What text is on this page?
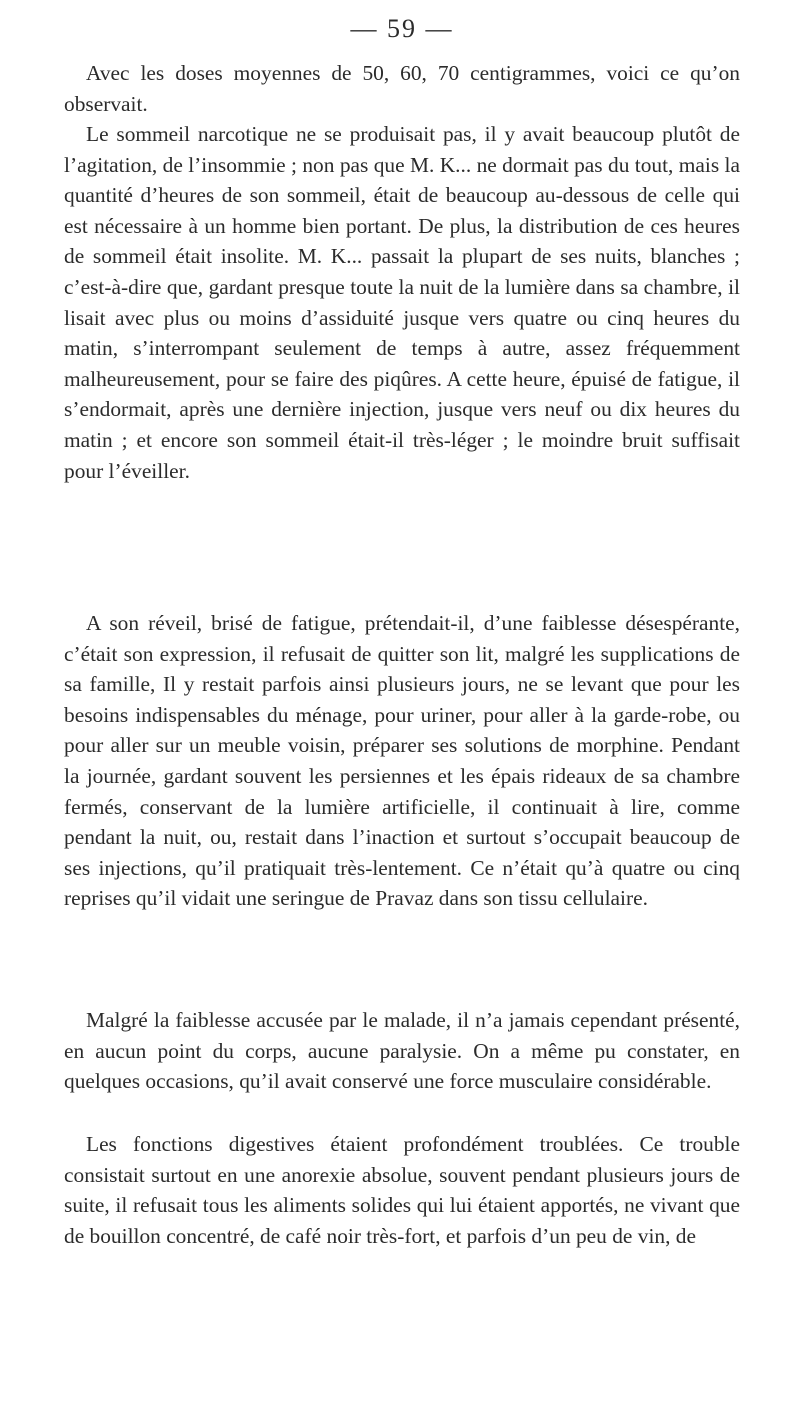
— 59 —

Avec les doses moyennes de 50, 60, 70 centigrammes, voici ce qu’on observait.

Le sommeil narcotique ne se produisait pas, il y avait beaucoup plutôt de l’agitation, de l’insommie ; non pas que M. K... ne dormait pas du tout, mais la quantité d’heures de son sommeil, était de beaucoup au-dessous de celle qui est nécessaire à un homme bien portant. De plus, la distribution de ces heures de sommeil était insolite. M. K... passait la plupart de ses nuits, blanches ; c’est-à-dire que, gardant presque toute la nuit de la lumière dans sa chambre, il lisait avec plus ou moins d’assiduité jusque vers quatre ou cinq heures du matin, s’interrompant seulement de temps à autre, assez fréquemment malheureusement, pour se faire des piqûres. A cette heure, épuisé de fatigue, il s’endormait, après une dernière injection, jusque vers neuf ou dix heures du matin ; et encore son sommeil était-il très-léger ; le moindre bruit suffisait pour l’éveiller.

A son réveil, brisé de fatigue, prétendait-il, d’une faiblesse désespérante, c’était son expression, il refusait de quitter son lit, malgré les supplications de sa famille, Il y restait parfois ainsi plusieurs jours, ne se levant que pour les besoins indispensables du ménage, pour uriner, pour aller à la garde-robe, ou pour aller sur un meuble voisin, préparer ses solutions de morphine. Pendant la journée, gardant souvent les persiennes et les épais rideaux de sa chambre fermés, conservant de la lumière artificielle, il continuait à lire, comme pendant la nuit, ou, restait dans l’inaction et surtout s’occupait beaucoup de ses injections, qu’il pratiquait très-lentement. Ce n’était qu’à quatre ou cinq reprises qu’il vidait une seringue de Pravaz dans son tissu cellulaire.

Malgré la faiblesse accusée par le malade, il n’a jamais cependant présenté, en aucun point du corps, aucune paralysie. On a même pu constater, en quelques occasions, qu’il avait conservé une force musculaire considérable.

Les fonctions digestives étaient profondément troublées. Ce trouble consistait surtout en une anorexie absolue, souvent pendant plusieurs jours de suite, il refusait tous les aliments solides qui lui étaient apportés, ne vivant que de bouillon concentré, de café noir très-fort, et parfois d’un peu de vin, de
